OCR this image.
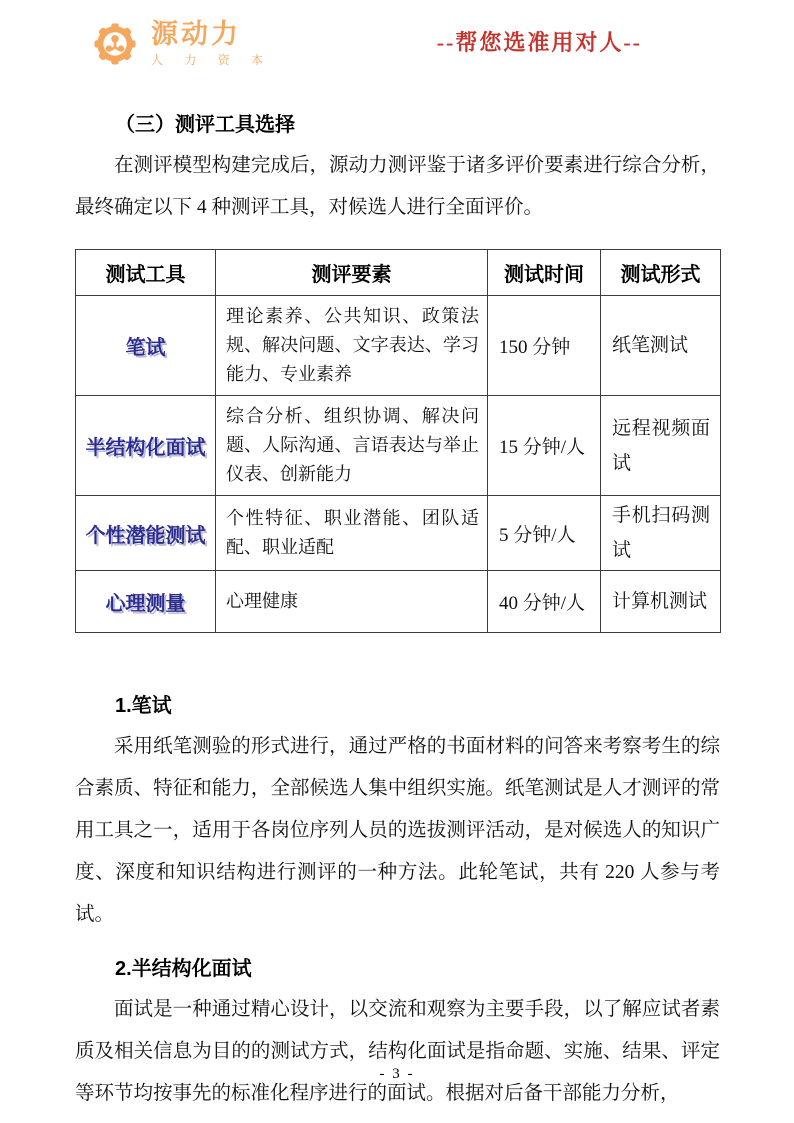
源动力
人 力 资 本
--帮您选准用对人--
（三）测评工具选择

在测评模型构建完成后，源动力测评鉴于诸多评价要素进行综合分析，最终确定以下 4 种测评工具，对候选人进行全面评价。

测试工具	测评要素	测试时间	测试形式
笔试	理论素养、公共知识、政策法规、解决问题、文字表达、学习能力、专业素养	150 分钟	纸笔测试
半结构化面试	综合分析、组织协调、解决问题、人际沟通、言语表达与举止仪表、创新能力	15 分钟/人	远程视频面试
个性潜能测试	个性特征、职业潜能、团队适配、职业适配	5 分钟/人	手机扫码测试
心理测量	心理健康	40 分钟/人	计算机测试
1.笔试

采用纸笔测验的形式进行，通过严格的书面材料的问答来考察考生的综合素质、特征和能力，全部候选人集中组织实施。纸笔测试是人才测评的常用工具之一，适用于各岗位序列人员的选拔测评活动，是对候选人的知识广度、深度和知识结构进行测评的一种方法。此轮笔试，共有 220 人参与考试。

2.半结构化面试

面试是一种通过精心设计，以交流和观察为主要手段，以了解应试者素质及相关信息为目的的测试方式，结构化面试是指命题、实施、结果、评定等环节均按事先的标准化程序进行的面试。根据对后备干部能力分析，

- 3 -
